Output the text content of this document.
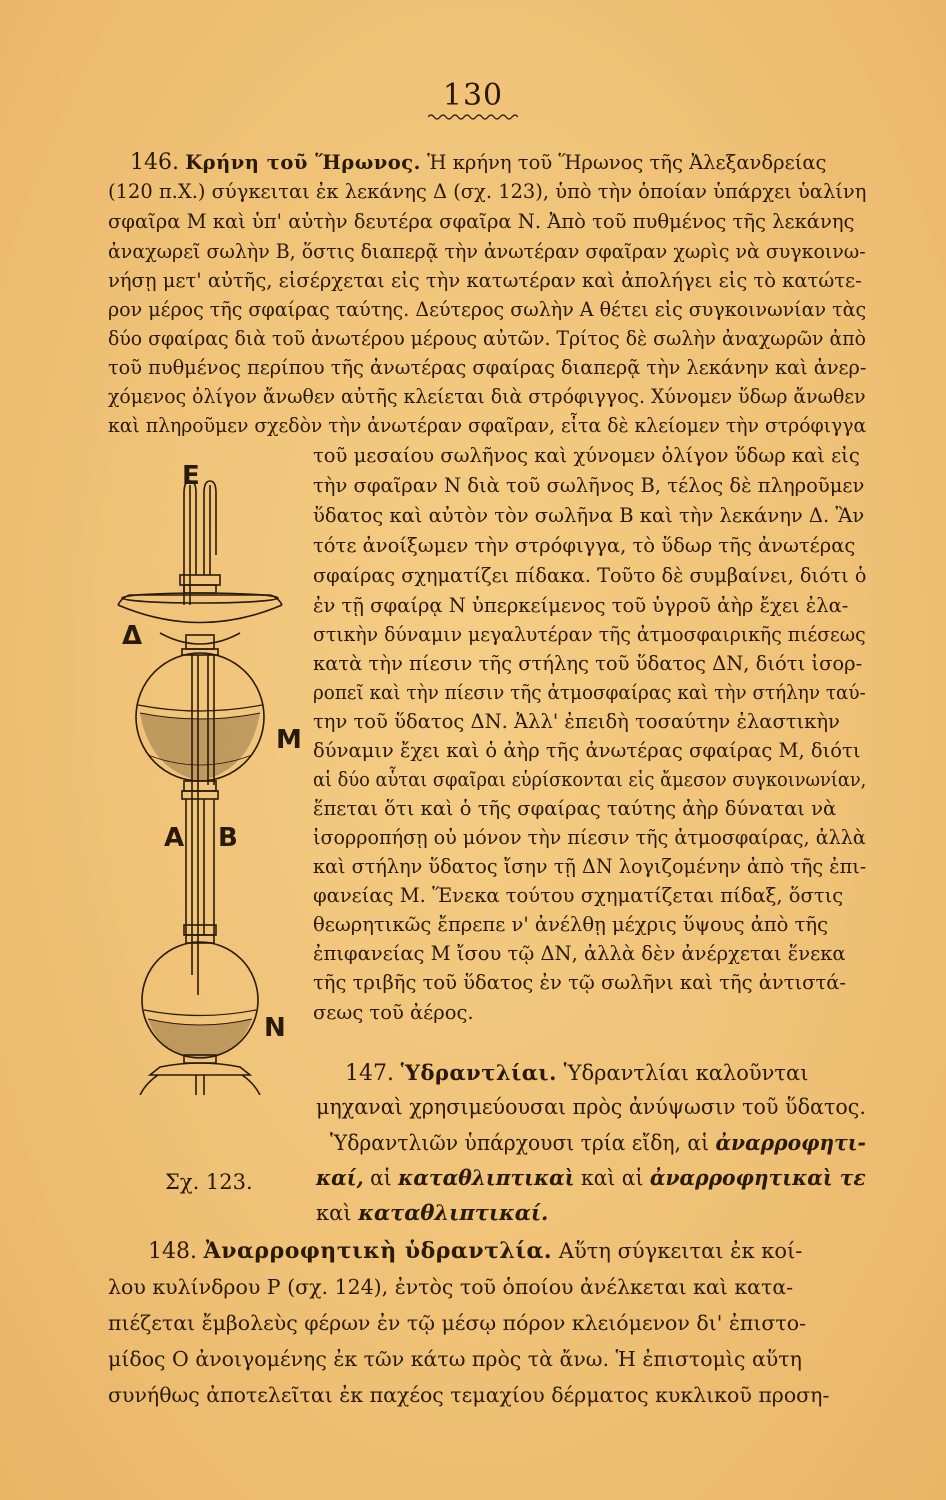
130
146. Κρήνη τοῦ Ἥρωνος. Ἡ κρήνη τοῦ Ἥρωνος τῆς Ἀλεξανδρείας
(120 π.Χ.) σύγκειται ἐκ λεκάνης Δ (σχ. 123), ὑπὸ τὴν ὁποίαν ὑπάρχει ὑαλίνη
σφαῖρα Μ καὶ ὑπ' αὐτὴν δευτέρα σφαῖρα Ν. Ἀπὸ τοῦ πυθμένος τῆς λεκάνης
ἀναχωρεῖ σωλὴν Β, ὅστις διαπερᾷ τὴν ἀνωτέραν σφαῖραν χωρὶς νὰ συγκοινω-
νήσῃ μετ' αὐτῆς, εἰσέρχεται εἰς τὴν κατωτέραν καὶ ἀπολήγει εἰς τὸ κατώτε-
ρον μέρος τῆς σφαίρας ταύτης. Δεύτερος σωλὴν Α θέτει εἰς συγκοινωνίαν τὰς
δύο σφαίρας διὰ τοῦ ἀνωτέρου μέρους αὐτῶν. Τρίτος δὲ σωλὴν ἀναχωρῶν ἀπὸ
τοῦ πυθμένος περίπου τῆς ἀνωτέρας σφαίρας διαπερᾷ τὴν λεκάνην καὶ ἀνερ-
χόμενος ὀλίγον ἄνωθεν αὐτῆς κλείεται διὰ στρόφιγγος. Χύνομεν ὕδωρ ἄνωθεν
καὶ πληροῦμεν σχεδὸν τὴν ἀνωτέραν σφαῖραν, εἶτα δὲ κλείομεν τὴν στρόφιγγα
τοῦ μεσαίου σωλῆνος καὶ χύνομεν ὀλίγον ὕδωρ καὶ εἰς
τὴν σφαῖραν Ν διὰ τοῦ σωλῆνος Β, τέλος δὲ πληροῦμεν
ὕδατος καὶ αὐτὸν τὸν σωλῆνα Β καὶ τὴν λεκάνην Δ. Ἂν
τότε ἀνοίξωμεν τὴν στρόφιγγα, τὸ ὕδωρ τῆς ἀνωτέρας
σφαίρας σχηματίζει πίδακα. Τοῦτο δὲ συμβαίνει, διότι ὁ
ἐν τῇ σφαίρᾳ Ν ὑπερκείμενος τοῦ ὑγροῦ ἀὴρ ἔχει ἐλα-
στικὴν δύναμιν μεγαλυτέραν τῆς ἀτμοσφαιρικῆς πιέσεως
κατὰ τὴν πίεσιν τῆς στήλης τοῦ ὕδατος ΔΝ, διότι ἰσορ-
ροπεῖ καὶ τὴν πίεσιν τῆς ἀτμοσφαίρας καὶ τὴν στήλην ταύ-
την τοῦ ὕδατος ΔΝ. Ἀλλ' ἐπειδὴ τοσαύτην ἐλαστικὴν
δύναμιν ἔχει καὶ ὁ ἀὴρ τῆς ἀνωτέρας σφαίρας Μ, διότι
αἱ δύο αὗται σφαῖραι εὑρίσκονται εἰς ἄμεσον συγκοινωνίαν,
ἕπεται ὅτι καὶ ὁ τῆς σφαίρας ταύτης ἀὴρ δύναται νὰ
ἰσορροπήσῃ οὐ μόνον τὴν πίεσιν τῆς ἀτμοσφαίρας, ἀλλὰ
καὶ στήλην ὕδατος ἴσην τῇ ΔΝ λογιζομένην ἀπὸ τῆς ἐπι-
φανείας Μ. Ἕνεκα τούτου σχηματίζεται πίδαξ, ὅστις
θεωρητικῶς ἔπρεπε ν' ἀνέλθῃ μέχρις ὕψους ἀπὸ τῆς
ἐπιφανείας Μ ἴσου τῷ ΔΝ, ἀλλὰ δὲν ἀνέρχεται ἕνεκα
τῆς τριβῆς τοῦ ὕδατος ἐν τῷ σωλῆνι καὶ τῆς ἀντιστά-
σεως τοῦ ἀέρος.
E
Δ
M
A B
N
Σχ. 123.
147. Ὑδραντλίαι. Ὑδραντλίαι καλοῦνται
μηχαναὶ χρησιμεύουσαι πρὸς ἀνύψωσιν τοῦ ὕδατος.
Ὑδραντλιῶν ὑπάρχουσι τρία εἴδη, αἱ ἀναρροφητι-
καί, αἱ καταθλιπτικαὶ καὶ αἱ ἀναρροφητικαὶ τε
καὶ καταθλιπτικαί.
148. Ἀναρροφητικὴ ὑδραντλία. Αὕτη σύγκειται ἐκ κοί-
λου κυλίνδρου Ρ (σχ. 124), ἐντὸς τοῦ ὁποίου ἀνέλκεται καὶ κατα-
πιέζεται ἔμβολεὺς φέρων ἐν τῷ μέσῳ πόρον κλειόμενον δι' ἐπιστο-
μίδος Ο ἀνοιγομένης ἐκ τῶν κάτω πρὸς τὰ ἄνω. Ἡ ἐπιστομὶς αὕτη
συνήθως ἀποτελεῖται ἐκ παχέος τεμαχίου δέρματος κυκλικοῦ προση-
